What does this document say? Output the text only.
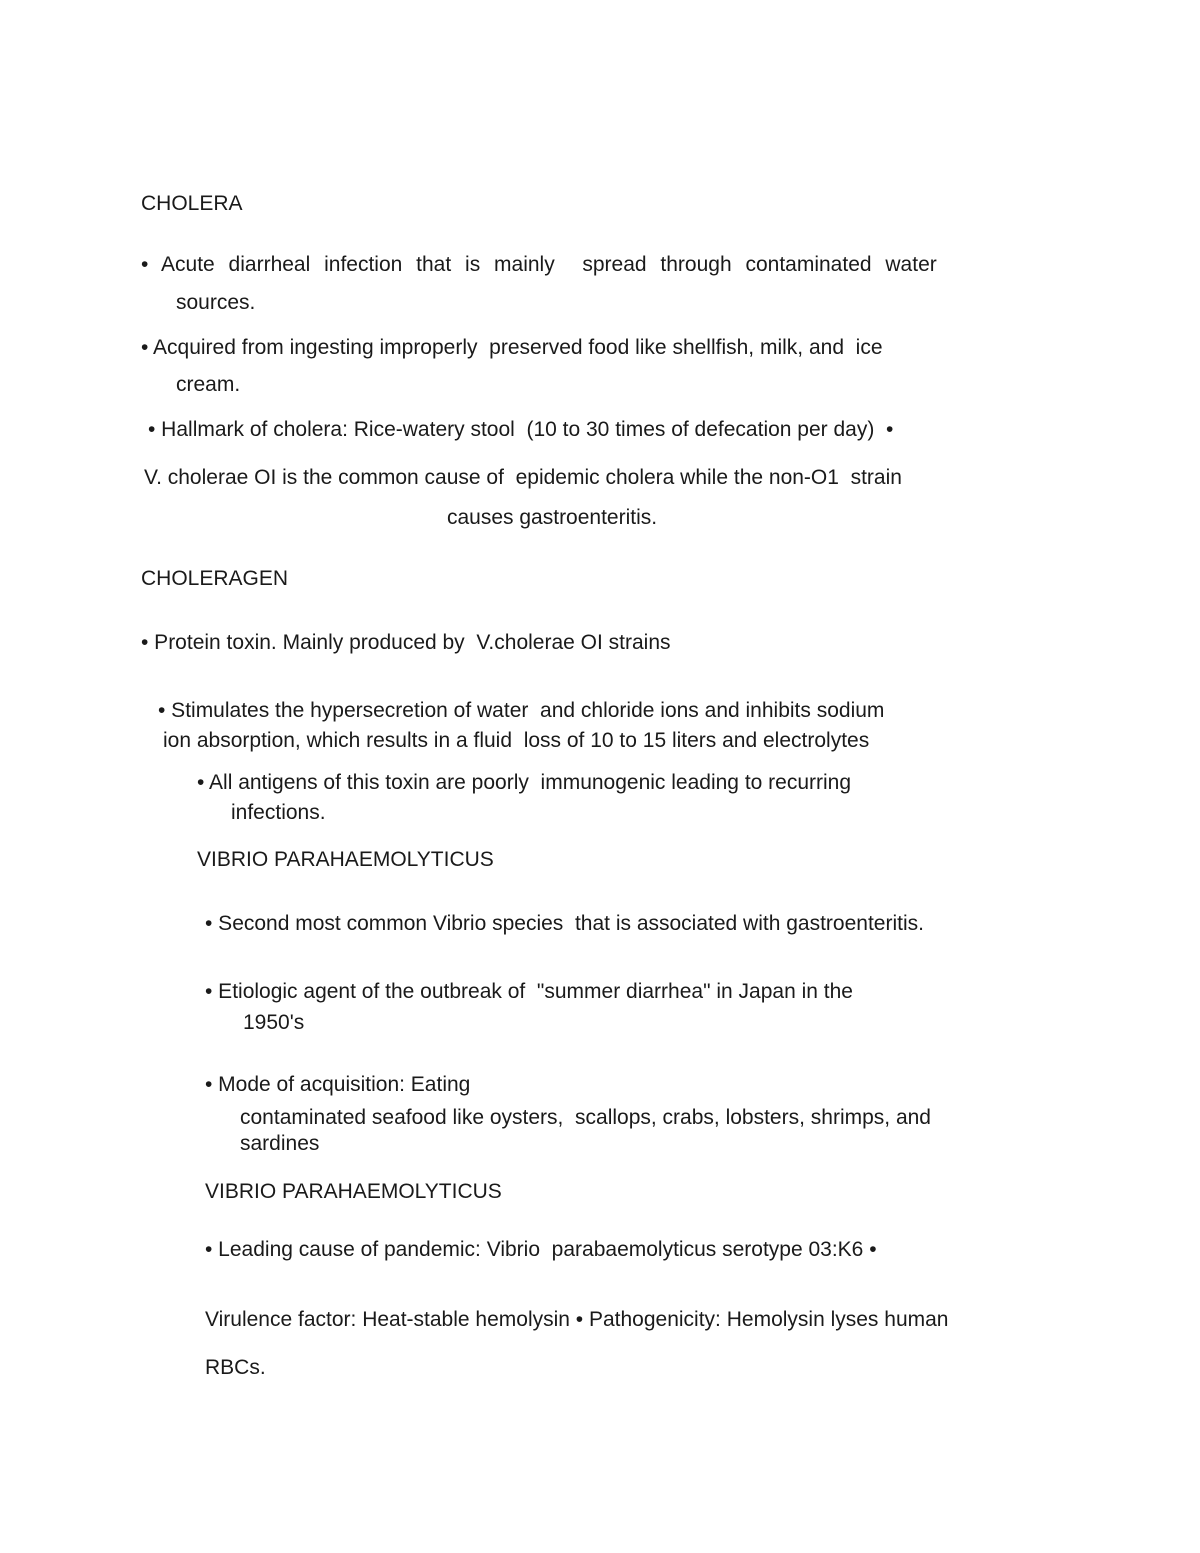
CHOLERA
• Acute diarrheal infection that is mainly  spread through contaminated water
sources.
• Acquired from ingesting improperly  preserved food like shellfish, milk, and  ice
cream.
• Hallmark of cholera: Rice-watery stool  (10 to 30 times of defecation per day)  •
V. cholerae OI is the common cause of  epidemic cholera while the non-O1  strain
causes gastroenteritis.
CHOLERAGEN
• Protein toxin. Mainly produced by  V.cholerae OI strains
• Stimulates the hypersecretion of water  and chloride ions and inhibits sodium
ion absorption, which results in a fluid  loss of 10 to 15 liters and electrolytes
• All antigens of this toxin are poorly  immunogenic leading to recurring
infections.
VIBRIO PARAHAEMOLYTICUS
• Second most common Vibrio species  that is associated with gastroenteritis.
• Etiologic agent of the outbreak of  "summer diarrhea" in Japan in the
1950's
• Mode of acquisition: Eating
contaminated seafood like oysters,  scallops, crabs, lobsters, shrimps, and
sardines
VIBRIO PARAHAEMOLYTICUS
• Leading cause of pandemic: Vibrio  parabaemolyticus serotype 03:K6 •
Virulence factor: Heat-stable hemolysin • Pathogenicity: Hemolysin lyses human
RBCs.
